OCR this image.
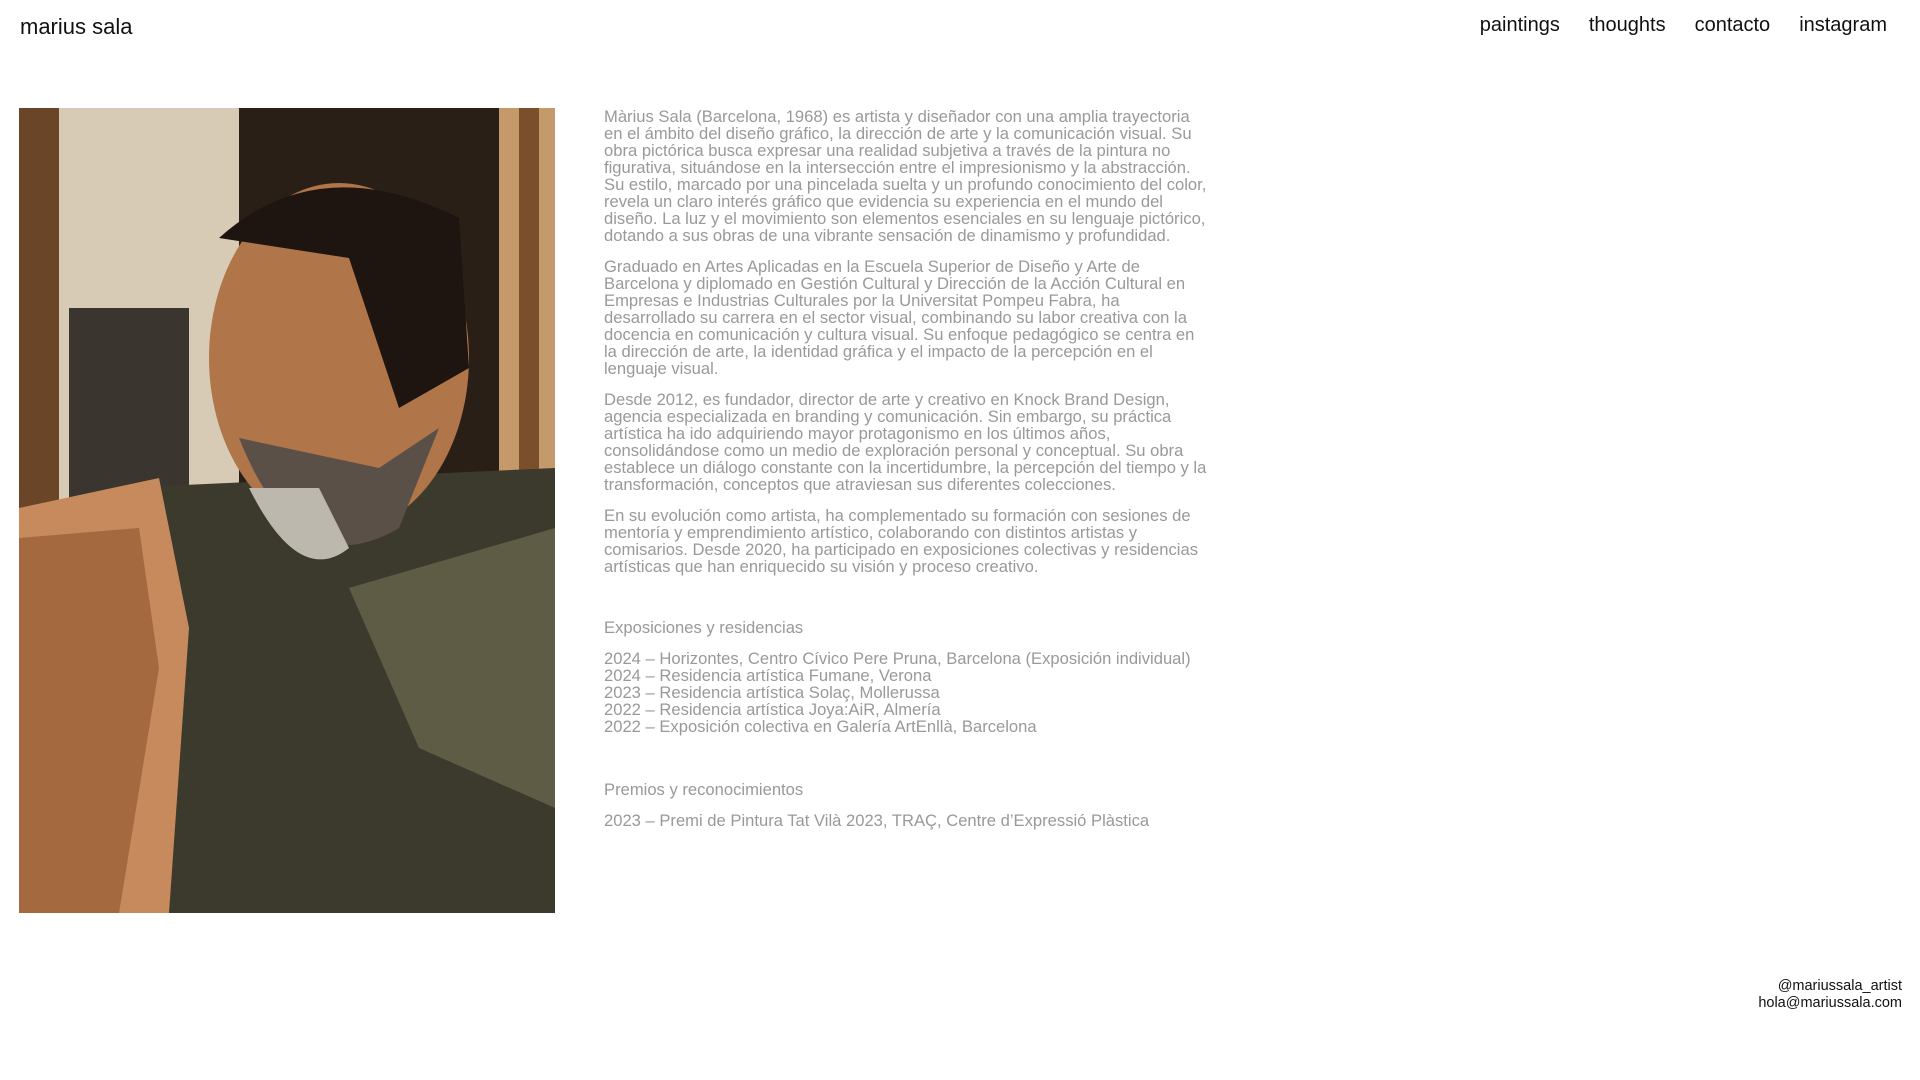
marius sala	paintings thoughts contacto instagram

Màrius Sala (Barcelona, 1968) es artista y diseñador con una amplia trayectoria en el ámbito del diseño gráfico, la dirección de arte y la comunicación visual. Su obra pictórica busca expresar una realidad subjetiva a través de la pintura no figurativa, situándose en la intersección entre el impresionismo y la abstracción. Su estilo, marcado por una pincelada suelta y un profundo conocimiento del color, revela un claro interés gráfico que evidencia su experiencia en el mundo del diseño. La luz y el movimiento son elementos esenciales en su lenguaje pictórico, dotando a sus obras de una vibrante sensación de dinamismo y profundidad.

Graduado en Artes Aplicadas en la Escuela Superior de Diseño y Arte de Barcelona y diplomado en Gestión Cultural y Dirección de la Acción Cultural en Empresas e Industrias Culturales por la Universitat Pompeu Fabra, ha desarrollado su carrera en el sector visual, combinando su labor creativa con la docencia en comunicación y cultura visual. Su enfoque pedagógico se centra en la dirección de arte, la identidad gráfica y el impacto de la percepción en el lenguaje visual.

Desde 2012, es fundador, director de arte y creativo en Knock Brand Design, agencia especializada en branding y comunicación. Sin embargo, su práctica artística ha ido adquiriendo mayor protagonismo en los últimos años, consolidándose como un medio de exploración personal y conceptual. Su obra establece un diálogo constante con la incertidumbre, la percepción del tiempo y la transformación, conceptos que atraviesan sus diferentes colecciones.

En su evolución como artista, ha complementado su formación con sesiones de mentoría y emprendimiento artístico, colaborando con distintos artistas y comisarios. Desde 2020, ha participado en exposiciones colectivas y residencias artísticas que han enriquecido su visión y proceso creativo.

Exposiciones y residencias
2024 – Horizontes, Centro Cívico Pere Pruna, Barcelona (Exposición individual)
2024 – Residencia artística Fumane, Verona
2023 – Residencia artística Solaç, Mollerussa
2022 – Residencia artística Joya:AiR, Almería
2022 – Exposición colectiva en Galería ArtEnllà, Barcelona
Premios y reconocimientos
2023 – Premi de Pintura Tat Vilà 2023, TRAÇ, Centre d’Expressió Plàstica
@mariussala_artist
hola@mariussala.com
